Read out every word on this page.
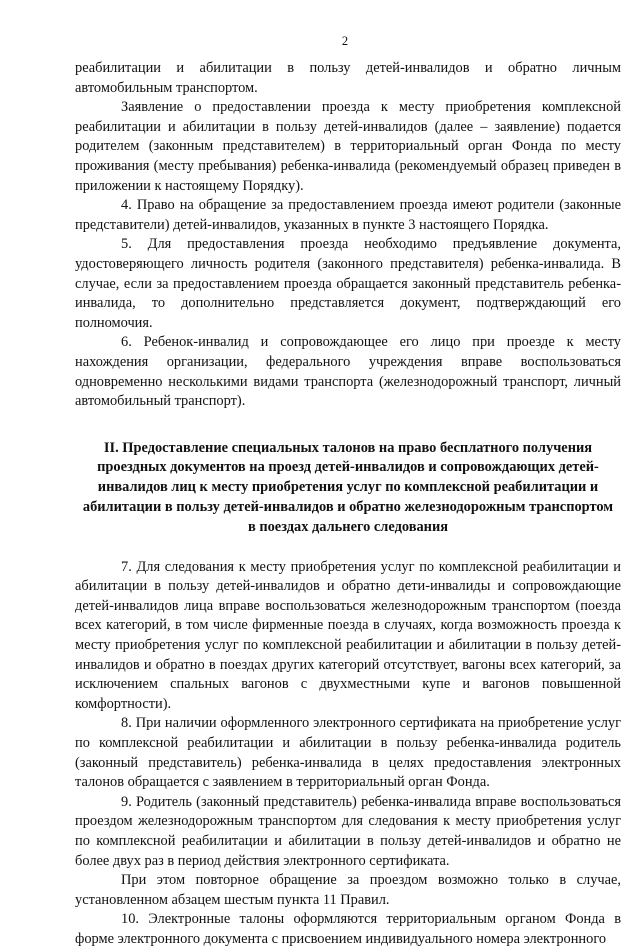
2

реабилитации и абилитации в пользу детей-инвалидов и обратно личным автомобильным транспортом.

Заявление о предоставлении проезда к месту приобретения комплексной реабилитации и абилитации в пользу детей-инвалидов (далее – заявление) подается родителем (законным представителем) в территориальный орган Фонда по месту проживания (месту пребывания) ребенка-инвалида (рекомендуемый образец приведен в приложении к настоящему Порядку).

4. Право на обращение за предоставлением проезда имеют родители (законные представители) детей-инвалидов, указанных в пункте 3 настоящего Порядка.

5. Для предоставления проезда необходимо предъявление документа, удостоверяющего личность родителя (законного представителя) ребенка-инвалида. В случае, если за предоставлением проезда обращается законный представитель ребенка-инвалида, то дополнительно представляется документ, подтверждающий его полномочия.

6. Ребенок-инвалид и сопровождающее его лицо при проезде к месту нахождения организации, федерального учреждения вправе воспользоваться одновременно несколькими видами транспорта (железнодорожный транспорт, личный автомобильный транспорт).

II. Предоставление специальных талонов на право бесплатного получения проездных документов на проезд детей-инвалидов и сопровождающих детей-инвалидов лиц к месту приобретения услуг по комплексной реабилитации и абилитации в пользу детей-инвалидов и обратно железнодорожным транспортом в поездах дальнего следования

7. Для следования к месту приобретения услуг по комплексной реабилитации и абилитации в пользу детей-инвалидов и обратно дети-инвалиды и сопровождающие детей-инвалидов лица вправе воспользоваться железнодорожным транспортом (поезда всех категорий, в том числе фирменные поезда в случаях, когда возможность проезда к месту приобретения услуг по комплексной реабилитации и абилитации в пользу детей-инвалидов и обратно в поездах других категорий отсутствует, вагоны всех категорий, за исключением спальных вагонов с двухместными купе и вагонов повышенной комфортности).

8. При наличии оформленного электронного сертификата на приобретение услуг по комплексной реабилитации и абилитации в пользу ребенка-инвалида родитель (законный представитель) ребенка-инвалида в целях предоставления электронных талонов обращается с заявлением в территориальный орган Фонда.

9. Родитель (законный представитель) ребенка-инвалида вправе воспользоваться проездом железнодорожным транспортом для следования к месту приобретения услуг по комплексной реабилитации и абилитации в пользу детей-инвалидов и обратно не более двух раз в период действия электронного сертификата.

При этом повторное обращение за проездом возможно только в случае, установленном абзацем шестым пункта 11 Правил.

10. Электронные талоны оформляются территориальным органом Фонда в форме электронного документа с присвоением индивидуального номера электронного
